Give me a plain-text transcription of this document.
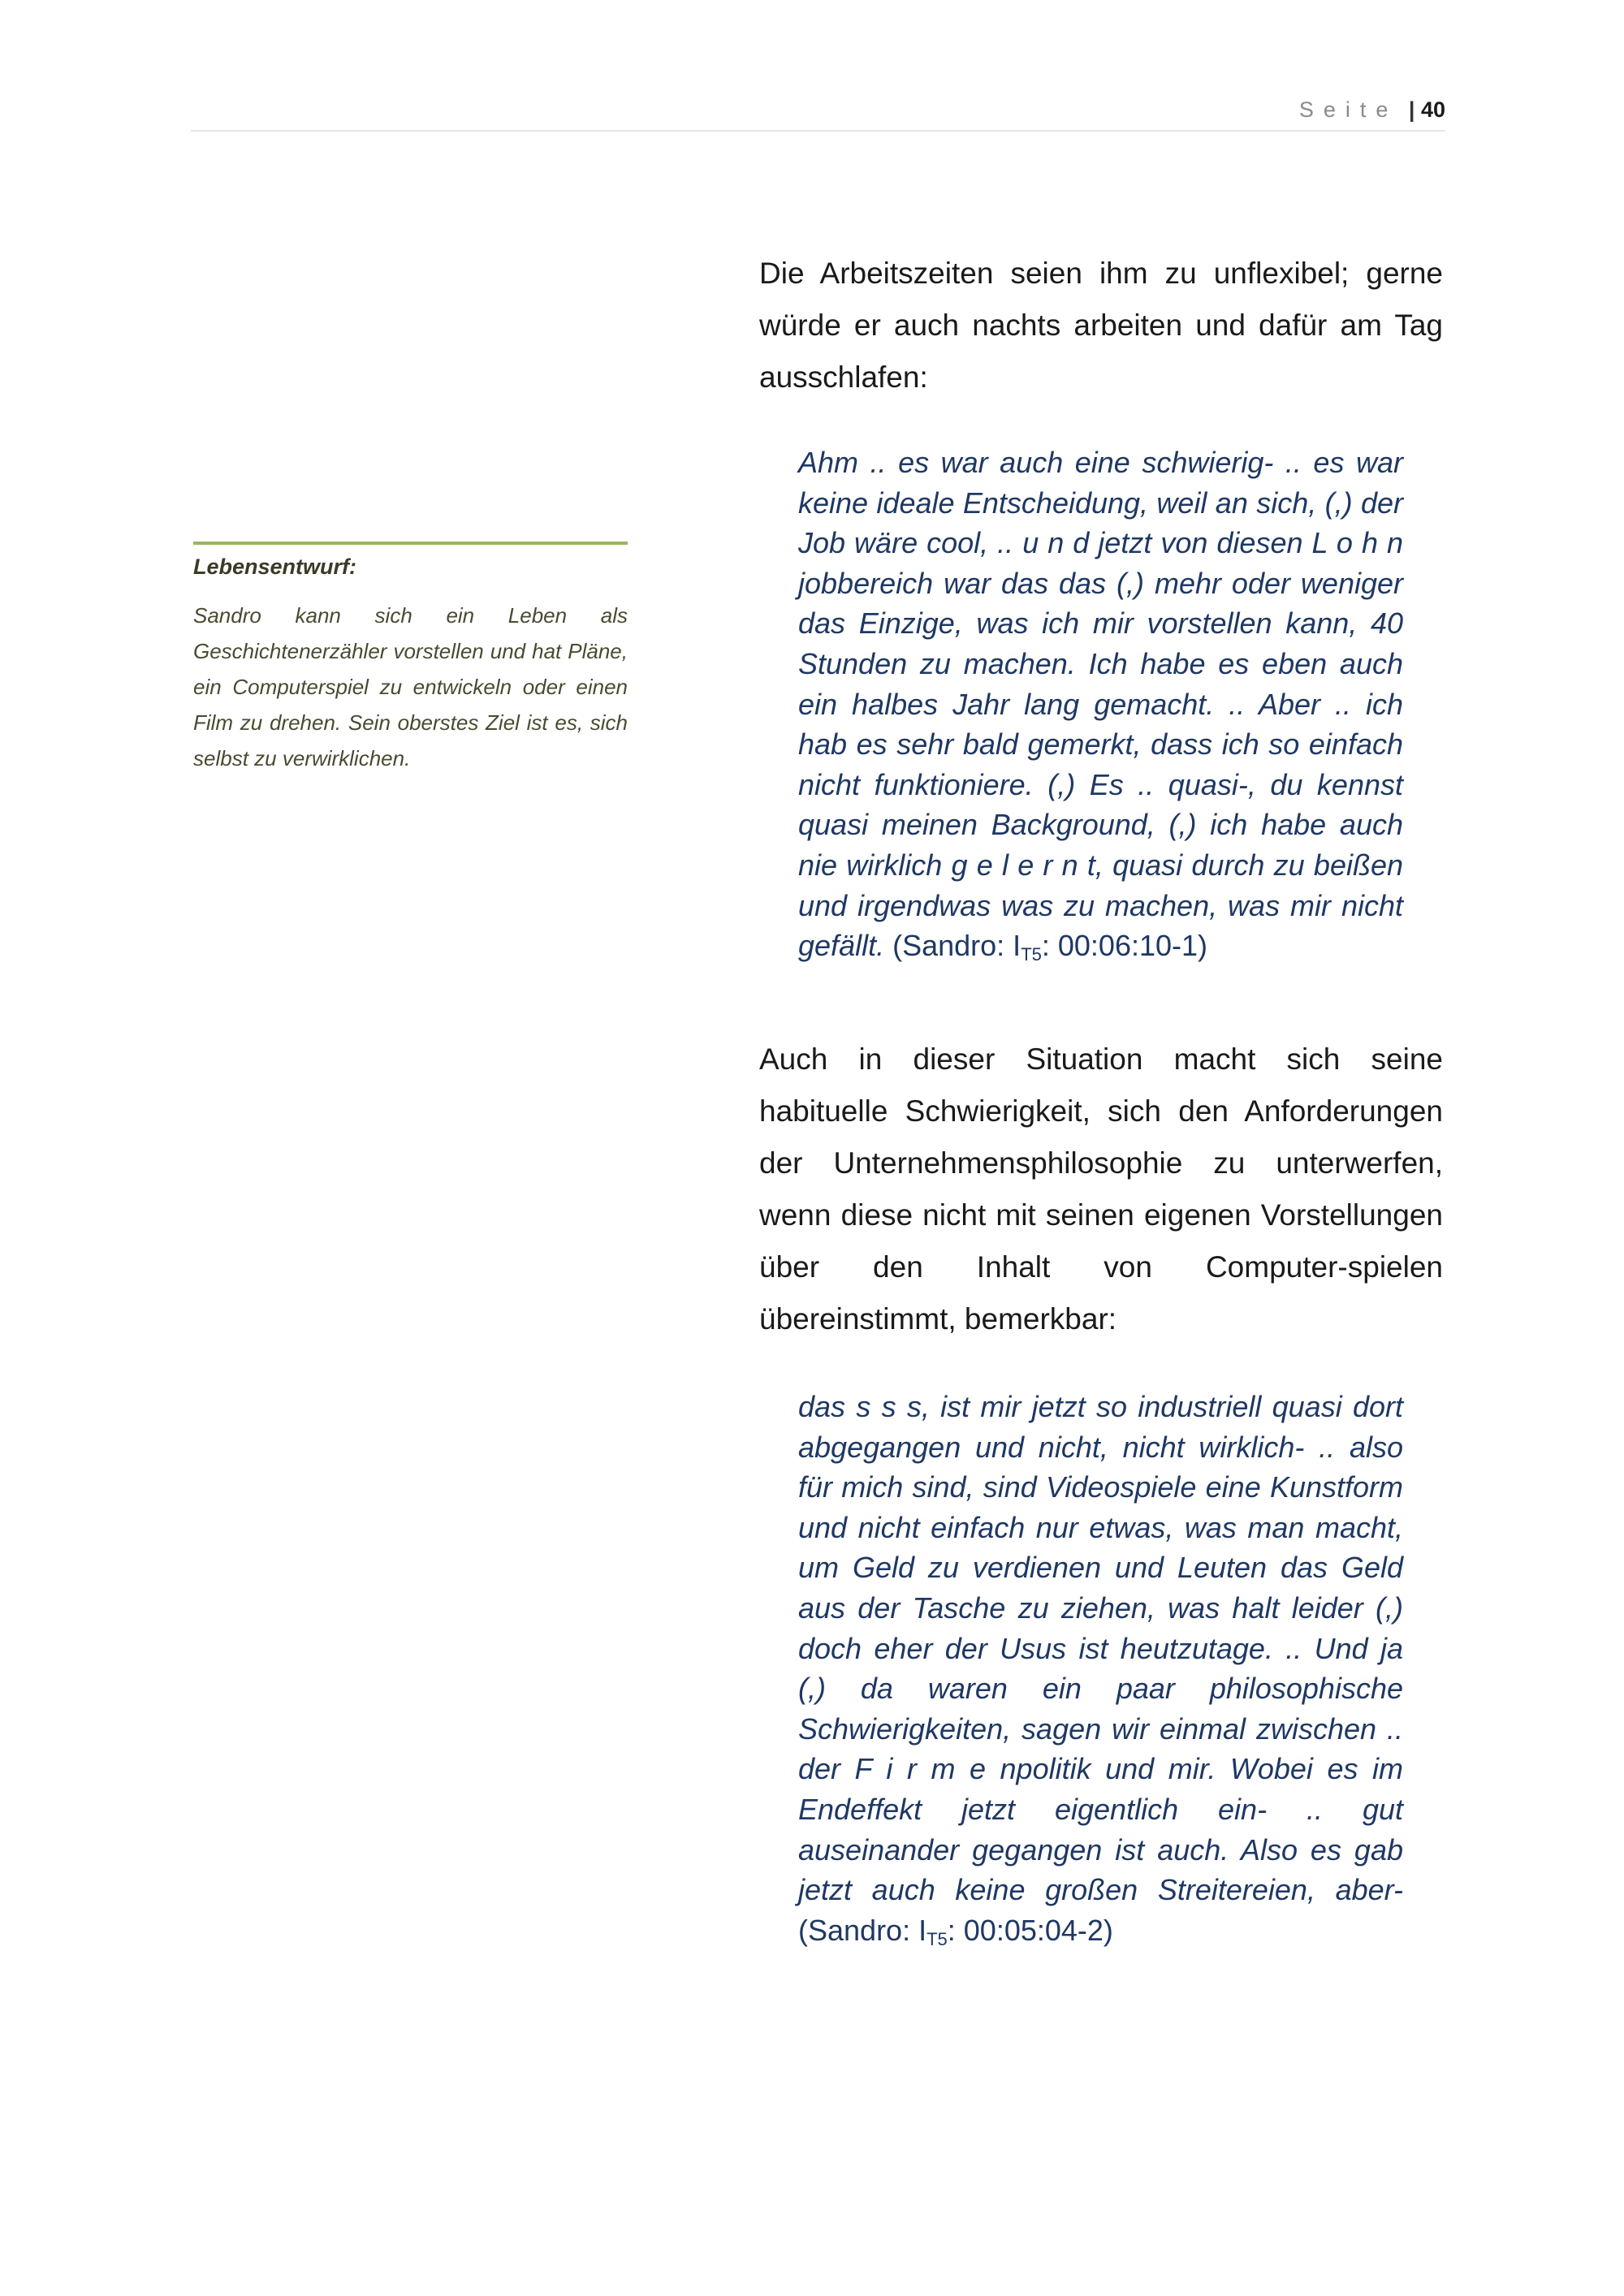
Seite | 40
Lebensentwurf:
Sandro kann sich ein Leben als Geschichtenerzähler vorstellen und hat Pläne, ein Computerspiel zu entwickeln oder einen Film zu drehen. Sein oberstes Ziel ist es, sich selbst zu verwirklichen.
Die Arbeitszeiten seien ihm zu unflexibel; gerne würde er auch nachts arbeiten und dafür am Tag ausschlafen:
Ahm .. es war auch eine schwierig- .. es war keine ideale Entscheidung, weil an sich, (,) der Job wäre cool, .. u n d jetzt von diesen L o h n jobbereich war das das (,) mehr oder weniger das Einzige, was ich mir vorstellen kann, 40 Stunden zu machen. Ich habe es eben auch ein halbes Jahr lang gemacht. .. Aber .. ich hab es sehr bald gemerkt, dass ich so einfach nicht funktioniere. (,) Es .. quasi-, du kennst quasi meinen Background, (,) ich habe auch nie wirklich g e l e r n t, quasi durch zu beißen und irgendwas was zu machen, was mir nicht gefällt. (Sandro: $I_{T5}$: 00:06:10-1)
Auch in dieser Situation macht sich seine habituelle Schwierigkeit, sich den Anforderungen der Unternehmensphilosophie zu unterwerfen, wenn diese nicht mit seinen eigenen Vorstellungen über den Inhalt von Computer-spielen übereinstimmt, bemerkbar:
das s s s, ist mir jetzt so industriell quasi dort abgegangen und nicht, nicht wirklich- .. also für mich sind, sind Videospiele eine Kunstform und nicht einfach nur etwas, was man macht, um Geld zu verdienen und Leuten das Geld aus der Tasche zu ziehen, was halt leider (,) doch eher der Usus ist heutzutage. .. Und ja (,) da waren ein paar philosophische Schwierigkeiten, sagen wir einmal zwischen .. der F i r m e npolitik und mir. Wobei es im Endeffekt jetzt eigentlich ein- .. gut auseinander gegangen ist auch. Also es gab jetzt auch keine großen Streitereien, aber- (Sandro: $I_{T5}$: 00:05:04-2)
